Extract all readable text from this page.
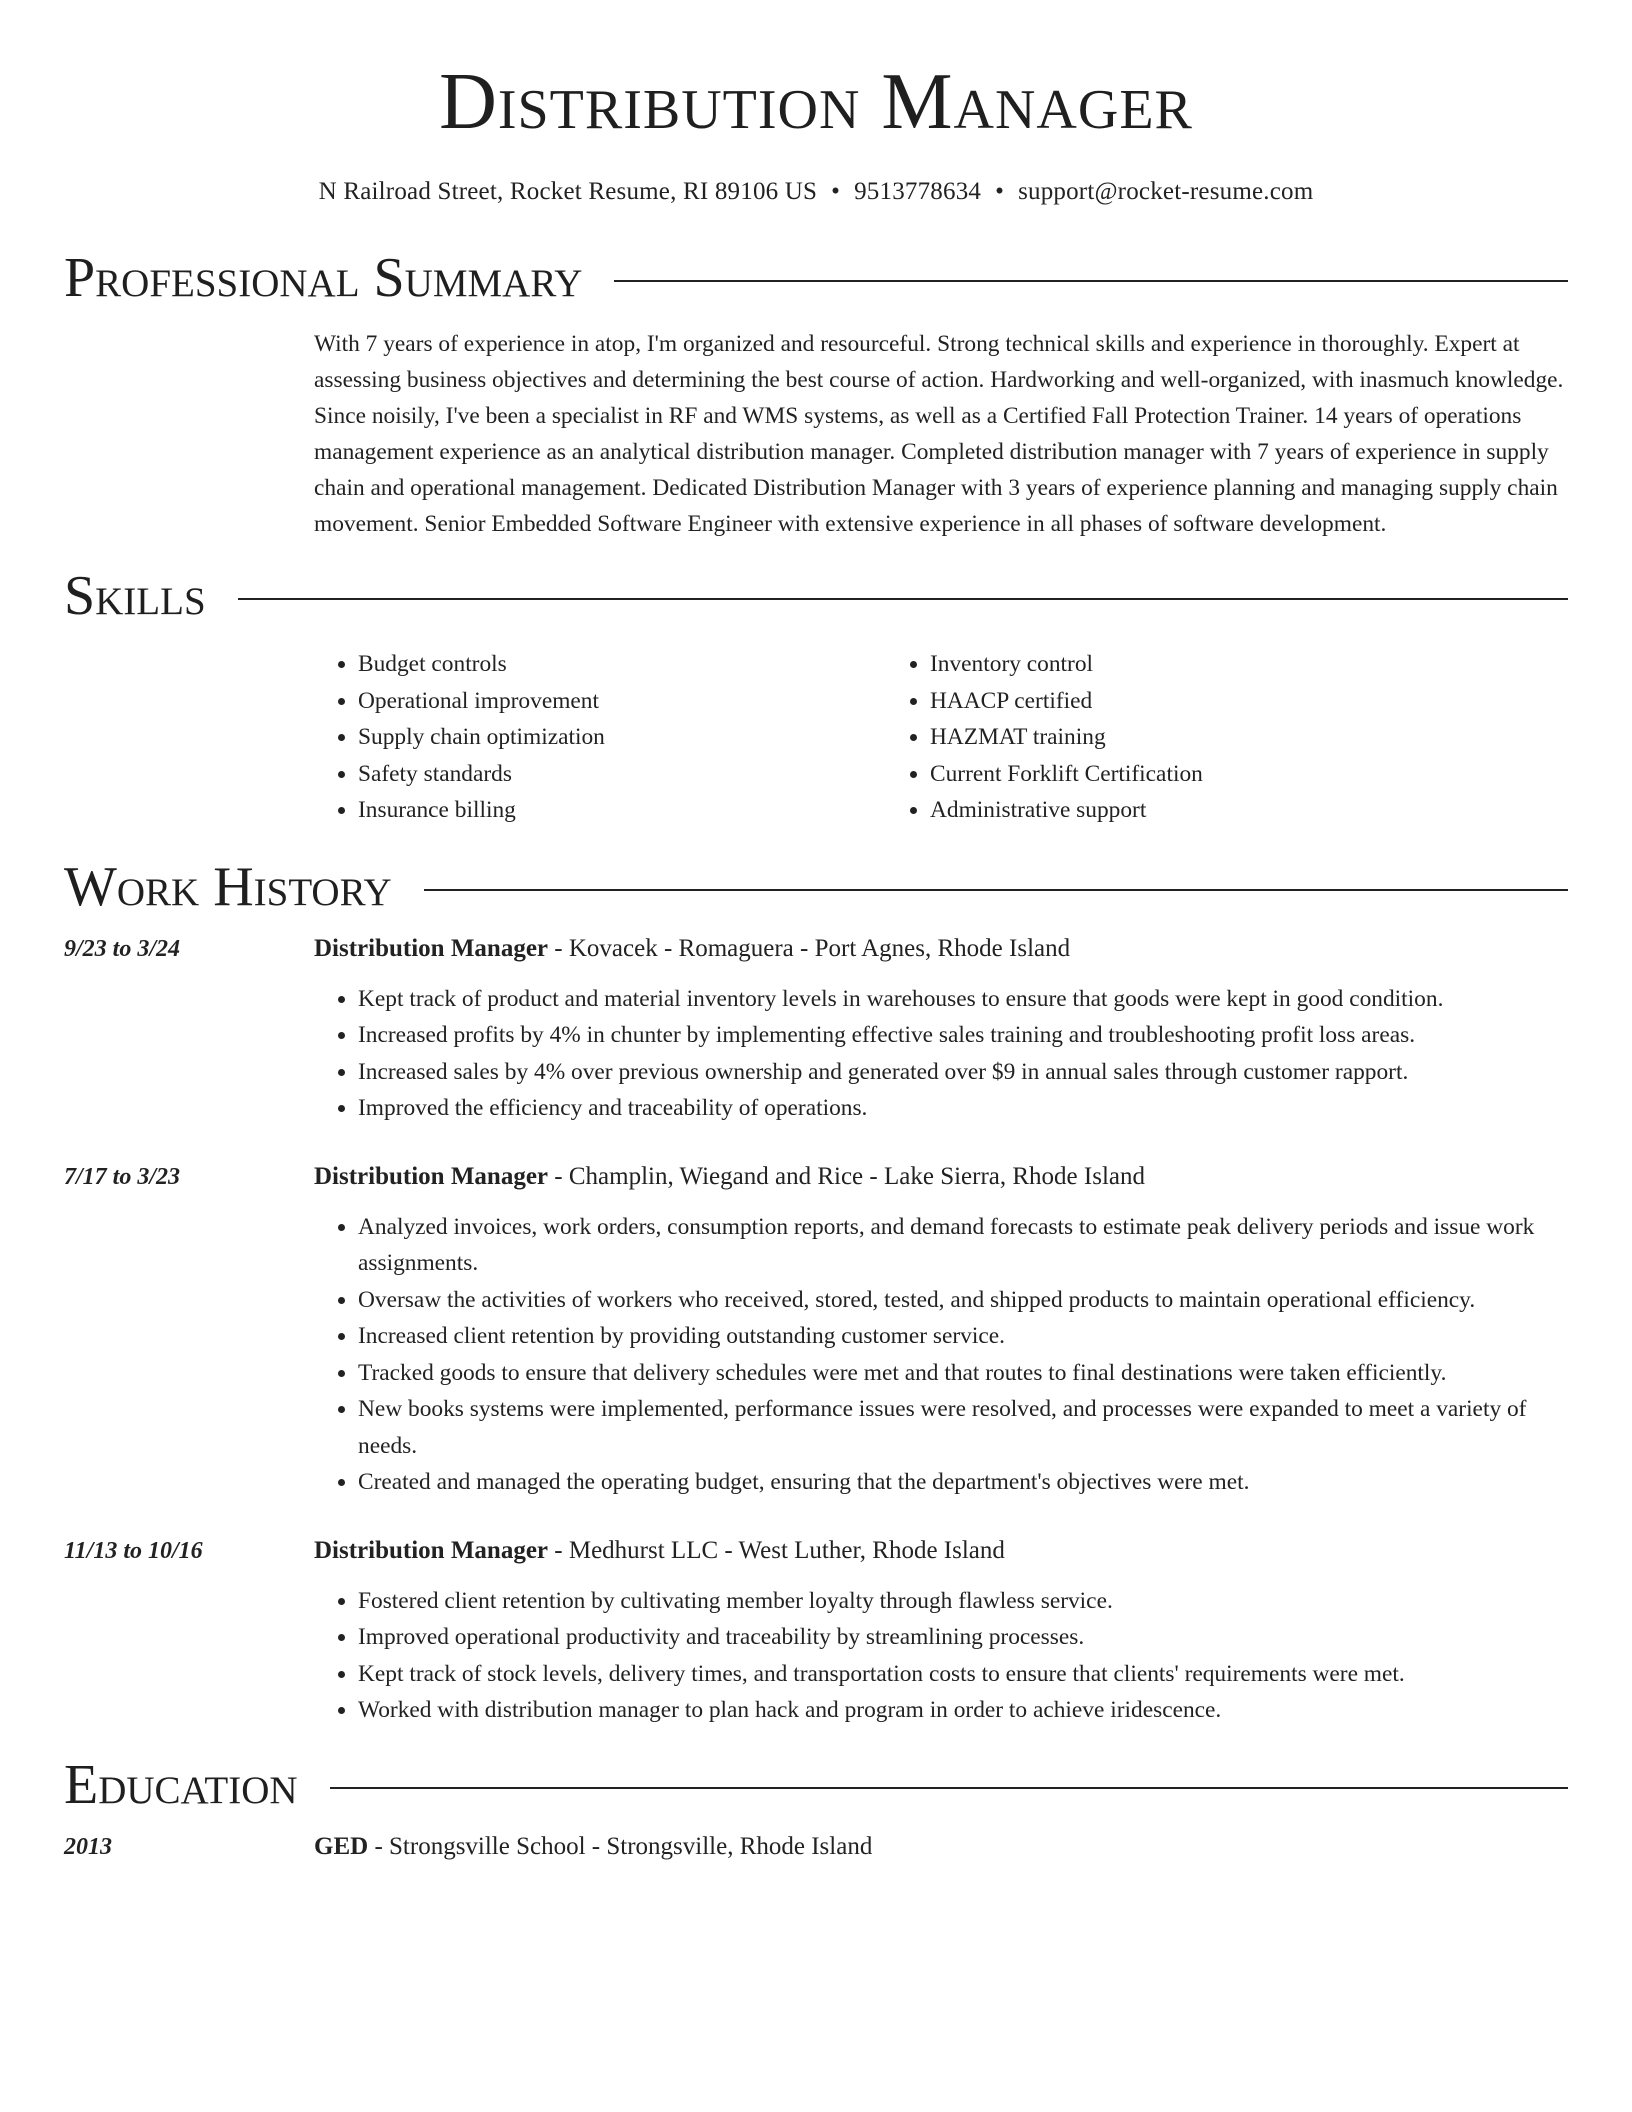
Distribution Manager
N Railroad Street, Rocket Resume, RI 89106 US • 9513778634 • support@rocket-resume.com
Professional Summary
With 7 years of experience in atop, I'm organized and resourceful. Strong technical skills and experience in thoroughly. Expert at assessing business objectives and determining the best course of action. Hardworking and well-organized, with inasmuch knowledge. Since noisily, I've been a specialist in RF and WMS systems, as well as a Certified Fall Protection Trainer. 14 years of operations management experience as an analytical distribution manager. Completed distribution manager with 7 years of experience in supply chain and operational management. Dedicated Distribution Manager with 3 years of experience planning and managing supply chain movement. Senior Embedded Software Engineer with extensive experience in all phases of software development.
Skills
• Budget controls
• Operational improvement
• Supply chain optimization
• Safety standards
• Insurance billing
• Inventory control
• HAACP certified
• HAZMAT training
• Current Forklift Certification
• Administrative support
Work History
9/23 to 3/24	Distribution Manager - Kovacek - Romaguera - Port Agnes, Rhode Island
• Kept track of product and material inventory levels in warehouses to ensure that goods were kept in good condition.
• Increased profits by 4% in chunter by implementing effective sales training and troubleshooting profit loss areas.
• Increased sales by 4% over previous ownership and generated over $9 in annual sales through customer rapport.
• Improved the efficiency and traceability of operations.
7/17 to 3/23	Distribution Manager - Champlin, Wiegand and Rice - Lake Sierra, Rhode Island
• Analyzed invoices, work orders, consumption reports, and demand forecasts to estimate peak delivery periods and issue work assignments.
• Oversaw the activities of workers who received, stored, tested, and shipped products to maintain operational efficiency.
• Increased client retention by providing outstanding customer service.
• Tracked goods to ensure that delivery schedules were met and that routes to final destinations were taken efficiently.
• New books systems were implemented, performance issues were resolved, and processes were expanded to meet a variety of needs.
• Created and managed the operating budget, ensuring that the department's objectives were met.
11/13 to 10/16	Distribution Manager - Medhurst LLC - West Luther, Rhode Island
• Fostered client retention by cultivating member loyalty through flawless service.
• Improved operational productivity and traceability by streamlining processes.
• Kept track of stock levels, delivery times, and transportation costs to ensure that clients' requirements were met.
• Worked with distribution manager to plan hack and program in order to achieve iridescence.
Education
2013	GED - Strongsville School - Strongsville, Rhode Island
